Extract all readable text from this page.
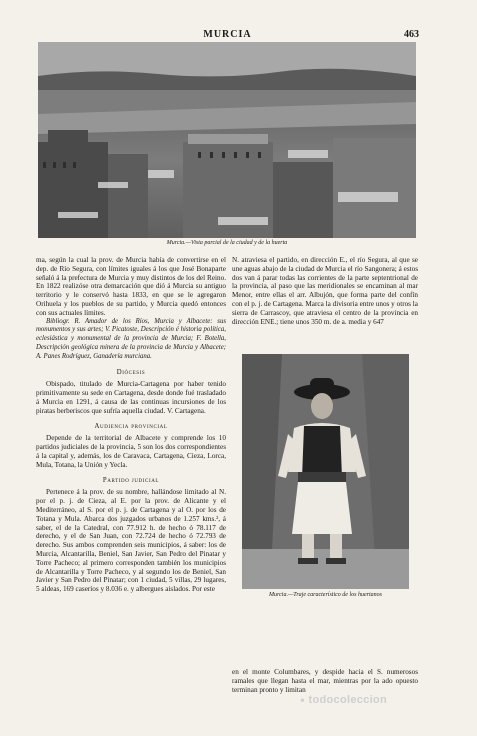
MURCIA	463
Murcia.—Vista parcial de la ciudad y de la huerta

ma, según la cual la prov. de Murcia había de convertirse en el dep. de Río Segura, con límites iguales á los que José Bonaparte señaló á la prefectura de Murcia y muy distintos de los del Reino. En 1822 realizóse otra demarcación que dió á Murcia su antiguo territorio y le conservó hasta 1833, en que se le agregaron Orihuela y los pueblos de su partido, y Murcia quedó entonces con sus actuales límites.

Bibliogr. R. Amador de los Ríos, Murcia y Albacete: sus monumentos y sus artes; V. Picatoste, Descripción é historia política, eclesiástica y monumental de la provincia de Murcia; F. Botella, Descripción geológica minera de la provincia de Murcia y Albacete; A. Panes Rodríguez, Ganadería murciana.

Diócesis

Obispado, titulado de Murcia-Cartagena por haber tenido primitivamente su sede en Cartagena, desde donde fué trasladado á Murcia en 1291, á causa de las continuas incursiones de los piratas berberiscos que sufría aquella ciudad. V. Cartagena.

Audiencia provincial

Depende de la territorial de Albacete y comprende los 10 partidos judiciales de la provincia, 5 son los dos correspondientes á la capital y, además, los de Caravaca, Cartagena, Cieza, Lorca, Mula, Totana, la Unión y Yecla.

Partido judicial

Pertenece á la prov. de su nombre, hallándose limitado al N. por el p. j. de Cieza, al E. por la prov. de Alicante y el Mediterráneo, al S. por el p. j. de Cartagena y al O. por los de Totana y Mula. Abarca dos juzgados urbanos de 1.257 kms.², á saber, el de la Catedral, con 77.912 h. de hecho ó 78.117 de derecho, y el de San Juan, con 72.724 de hecho ó 72.793 de derecho. Sus ambos comprenden seis municipios, á saber: los de Murcia, Alcantarilla, Beniel, San Javier, San Pedro del Pinatar y Torre Pacheco; al primero corresponden también los municipios de Alcantarilla y Torre Pacheco, y al segundo los de Beniel, San Javier y San Pedro del Pinatar; con 1 ciudad, 5 villas, 29 lugares, 5 aldeas, 169 caseríos y 8.036 e. y albergues aislados. Por este

N. atraviesa el partido, en dirección E., el río Segura, al que se une aguas abajo de la ciudad de Murcia el río Sangonera; á estos dos van á parar todas las corrientes de la parte septentrional de la provincia, al paso que las meridionales se encaminan al mar Menor, entre ellas el arr. Albujón, que forma parte del confín con el p. j. de Cartagena. Marca la divisoria entre unos y otros la sierra de Carrascoy, que atraviesa el centro de la provincia en dirección ENE.; tiene unos 350 m. de a. media y 647

Murcia.—Traje característico de los huertanos

en el monte Columbares, y despide hacia el S. numerosos ramales que llegan hasta el mar, mientras por la ado opuesto terminan pronto y limitan

● todocoleccion
